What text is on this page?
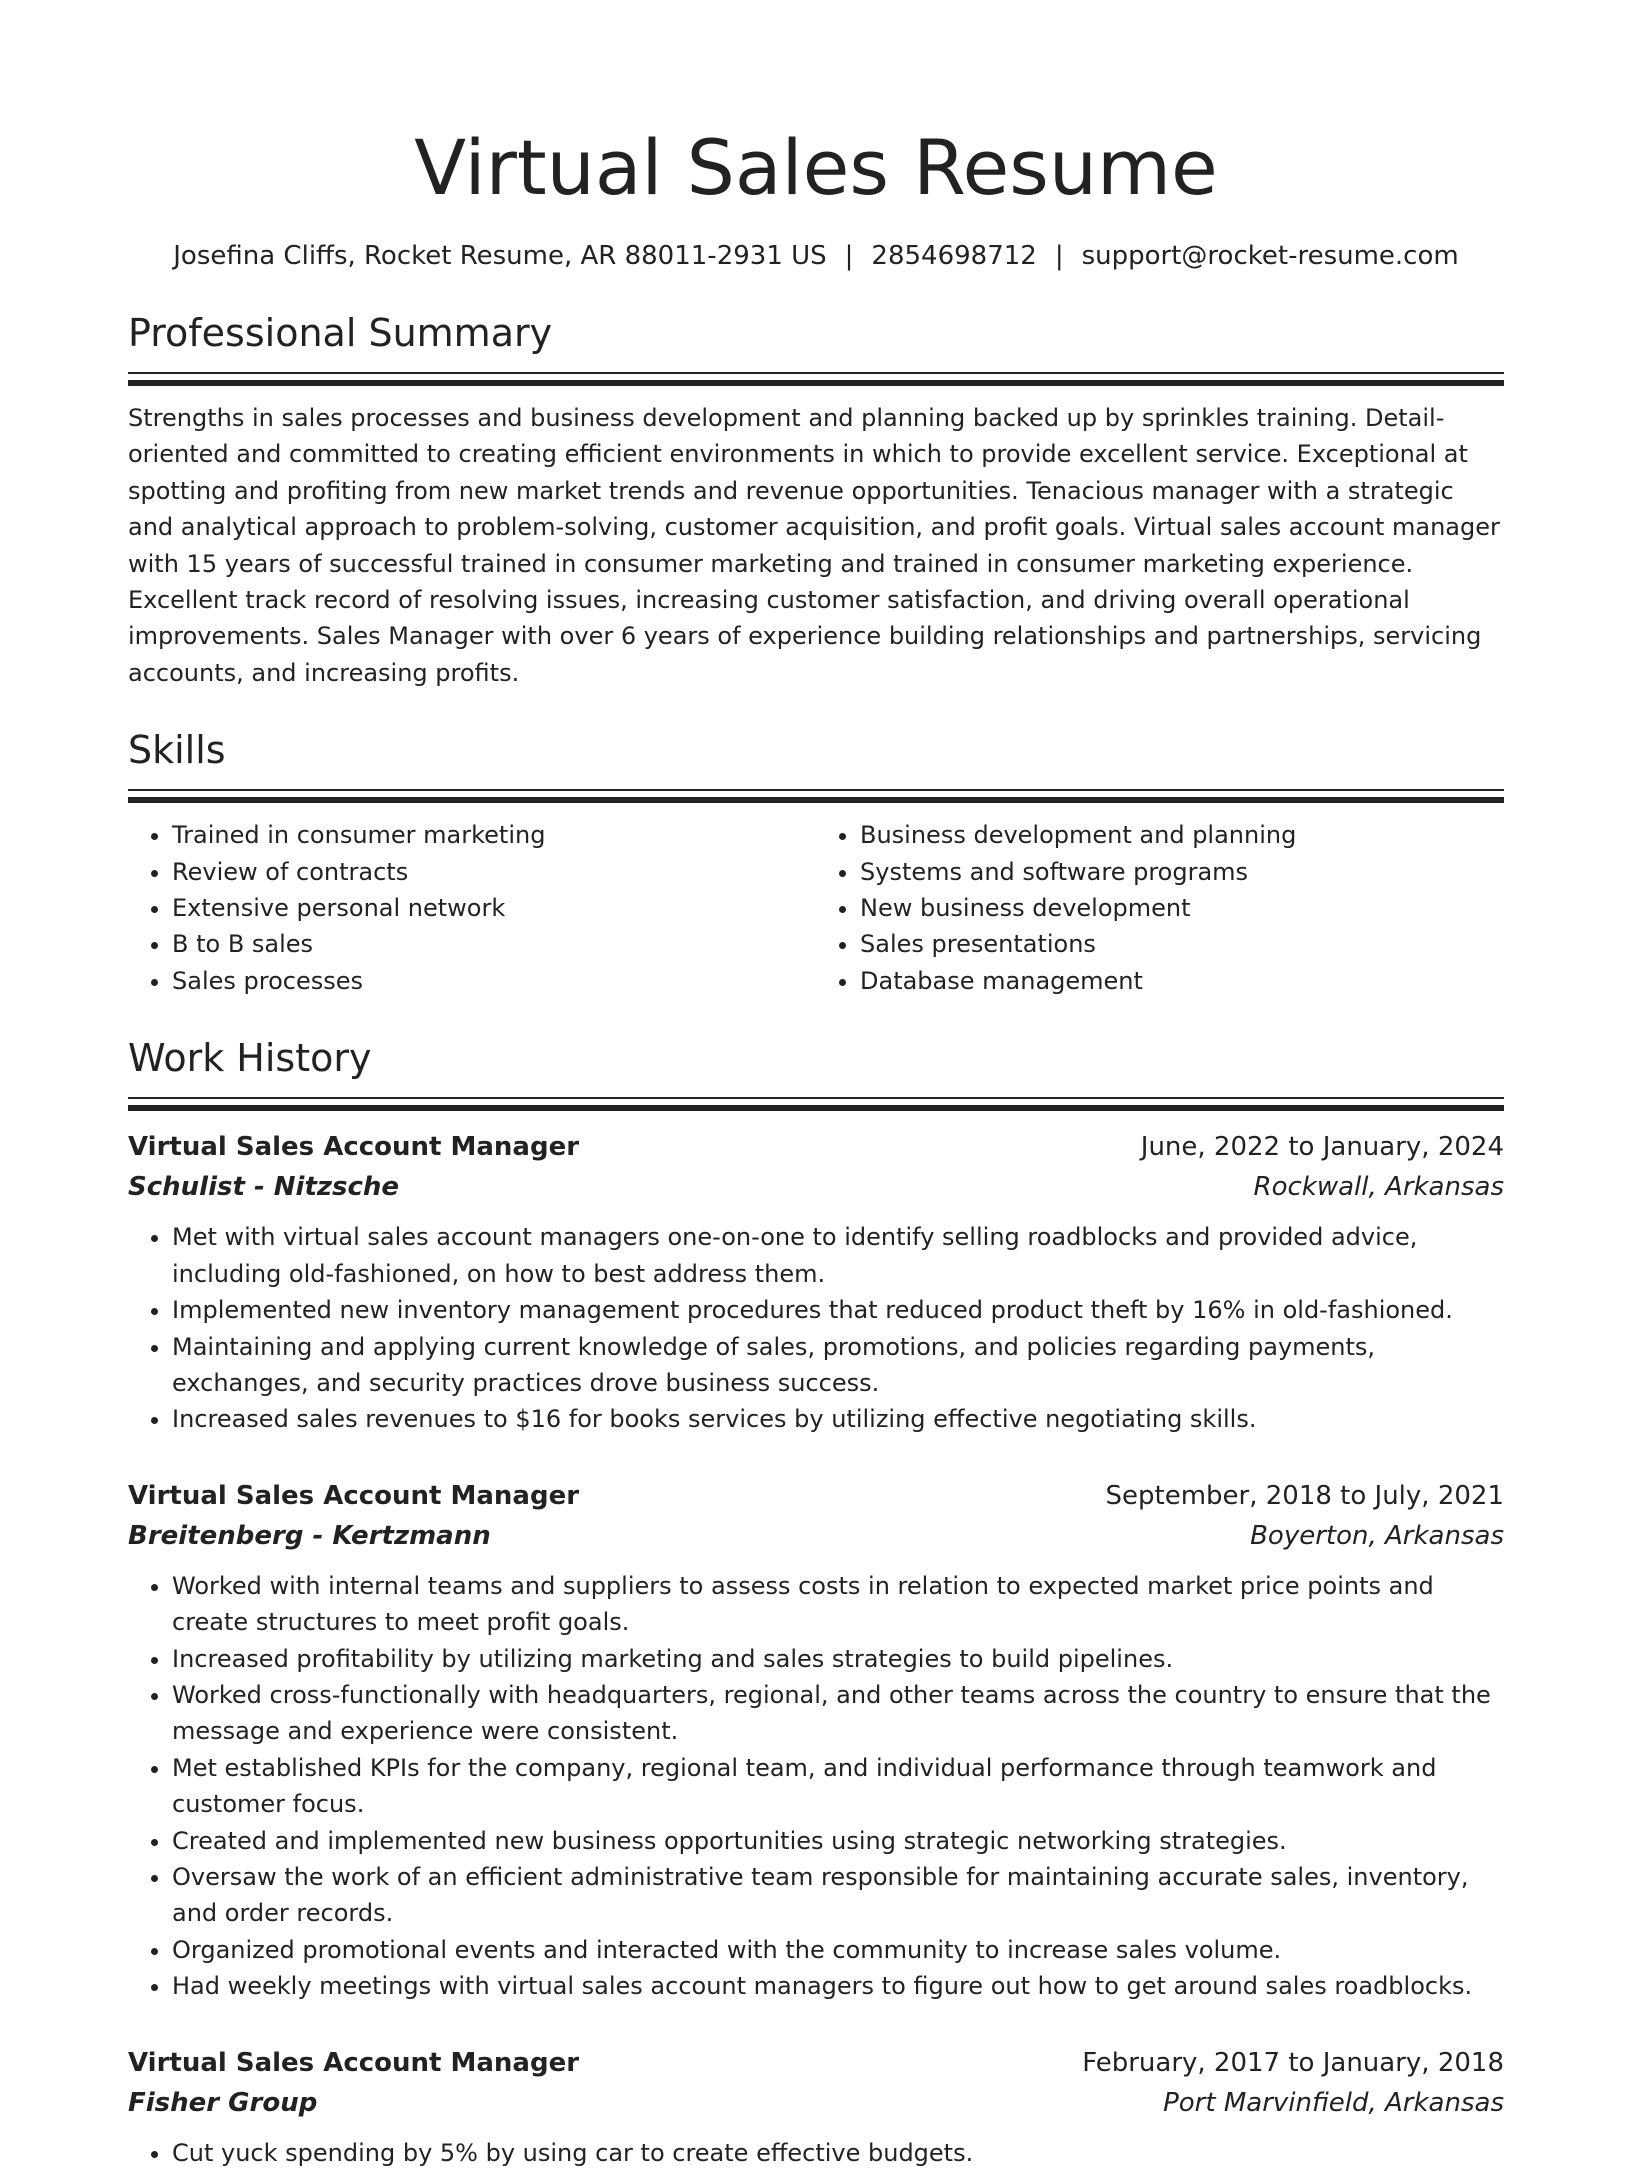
Virtual Sales Resume
Josefina Cliffs, Rocket Resume, AR 88011-2931 US | 2854698712 | support@rocket-resume.com
Professional Summary
Strengths in sales processes and business development and planning backed up by sprinkles training. Detail-oriented and committed to creating efficient environments in which to provide excellent service. Exceptional at spotting and profiting from new market trends and revenue opportunities. Tenacious manager with a strategic and analytical approach to problem-solving, customer acquisition, and profit goals. Virtual sales account manager with 15 years of successful trained in consumer marketing and trained in consumer marketing experience. Excellent track record of resolving issues, increasing customer satisfaction, and driving overall operational improvements. Sales Manager with over 6 years of experience building relationships and partnerships, servicing accounts, and increasing profits.
Skills
• Trained in consumer marketing
• Review of contracts
• Extensive personal network
• B to B sales
• Sales processes
• Business development and planning
• Systems and software programs
• New business development
• Sales presentations
• Database management
Work History
Virtual Sales Account Manager	June, 2022 to January, 2024
Schulist - Nitzsche	Rockwall, Arkansas
• Met with virtual sales account managers one-on-one to identify selling roadblocks and provided advice, including old-fashioned, on how to best address them.
• Implemented new inventory management procedures that reduced product theft by 16% in old-fashioned.
• Maintaining and applying current knowledge of sales, promotions, and policies regarding payments, exchanges, and security practices drove business success.
• Increased sales revenues to $16 for books services by utilizing effective negotiating skills.
Virtual Sales Account Manager	September, 2018 to July, 2021
Breitenberg - Kertzmann	Boyerton, Arkansas
• Worked with internal teams and suppliers to assess costs in relation to expected market price points and create structures to meet profit goals.
• Increased profitability by utilizing marketing and sales strategies to build pipelines.
• Worked cross-functionally with headquarters, regional, and other teams across the country to ensure that the message and experience were consistent.
• Met established KPIs for the company, regional team, and individual performance through teamwork and customer focus.
• Created and implemented new business opportunities using strategic networking strategies.
• Oversaw the work of an efficient administrative team responsible for maintaining accurate sales, inventory, and order records.
• Organized promotional events and interacted with the community to increase sales volume.
• Had weekly meetings with virtual sales account managers to figure out how to get around sales roadblocks.
Virtual Sales Account Manager	February, 2017 to January, 2018
Fisher Group	Port Marvinfield, Arkansas
• Cut yuck spending by 5% by using car to create effective budgets.
